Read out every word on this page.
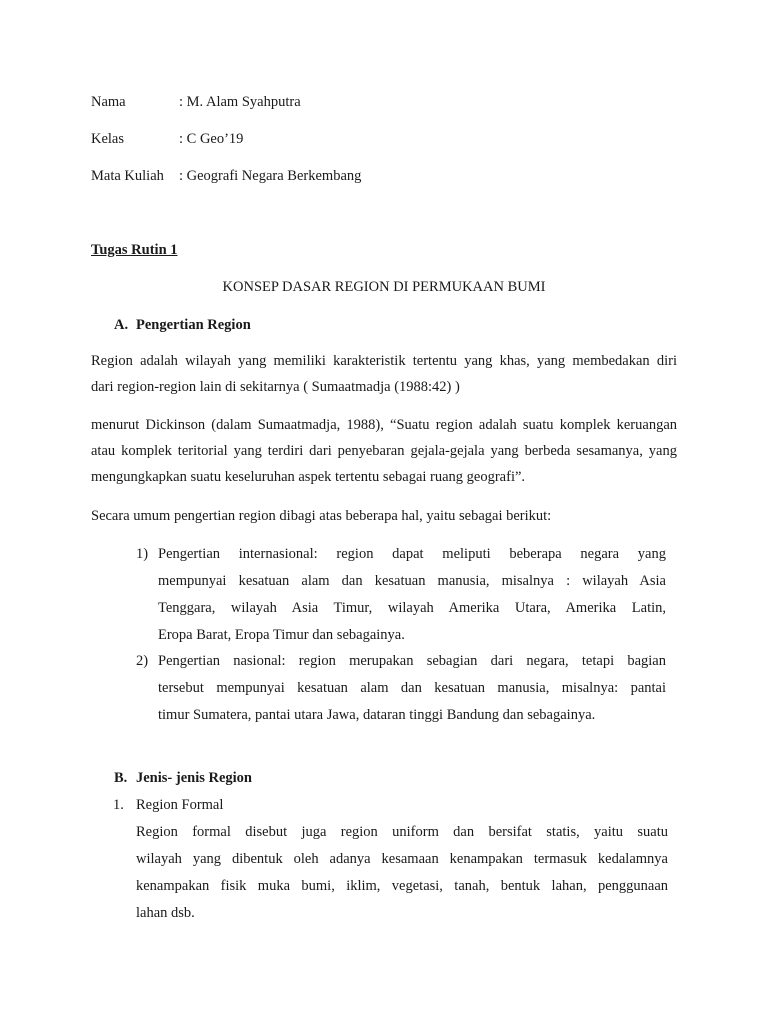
Nama	: M. Alam Syahputra
Kelas	: C Geo’19
Mata Kuliah : Geografi Negara Berkembang
Tugas Rutin 1
KONSEP DASAR REGION DI PERMUKAAN BUMI
A. Pengertian Region
Region adalah wilayah yang memiliki karakteristik tertentu yang khas, yang membedakan diri
dari region-region lain di sekitarnya ( Sumaatmadja (1988:42) )
menurut Dickinson (dalam Sumaatmadja, 1988), “Suatu region adalah suatu komplek keruangan
atau komplek teritorial yang terdiri dari penyebaran gejala-gejala yang berbeda sesamanya, yang
mengungkapkan suatu keseluruhan aspek tertentu sebagai ruang geografi”.
Secara umum pengertian region dibagi atas beberapa hal, yaitu sebagai berikut:
1) Pengertian internasional: region dapat meliputi beberapa negara yang
mempunyai kesatuan alam dan kesatuan manusia, misalnya : wilayah Asia
Tenggara, wilayah Asia Timur, wilayah Amerika Utara, Amerika Latin,
Eropa Barat, Eropa Timur dan sebagainya.
2) Pengertian nasional: region merupakan sebagian dari negara, tetapi bagian
tersebut mempunyai kesatuan alam dan kesatuan manusia, misalnya: pantai
timur Sumatera, pantai utara Jawa, dataran tinggi Bandung dan sebagainya.
B. Jenis- jenis Region
1. Region Formal
Region formal disebut juga region uniform dan bersifat statis, yaitu suatu
wilayah yang dibentuk oleh adanya kesamaan kenampakan termasuk kedalamnya
kenampakan fisik muka bumi, iklim, vegetasi, tanah, bentuk lahan, penggunaan
lahan dsb.
